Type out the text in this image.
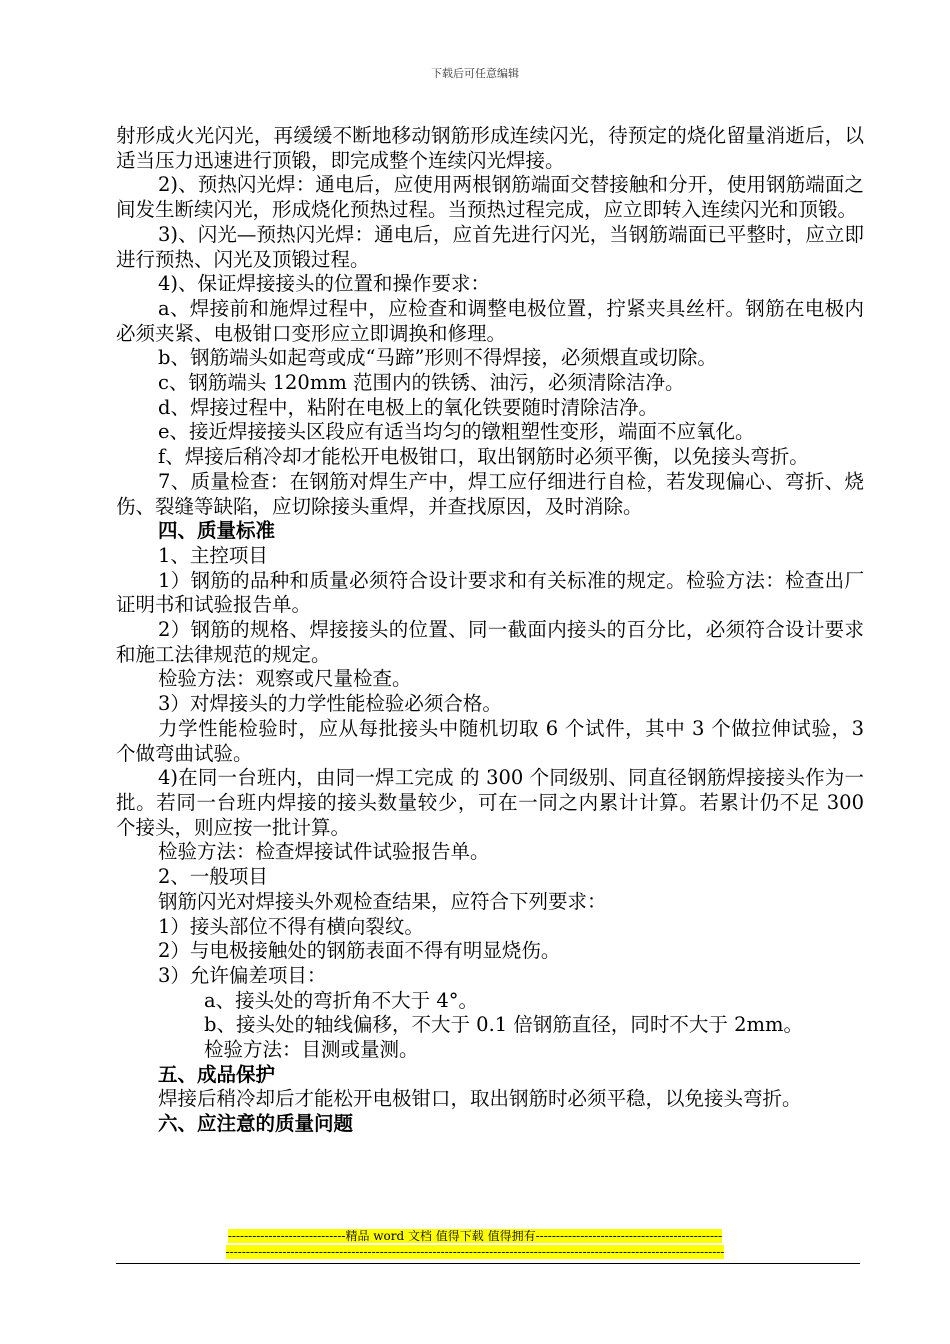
下载后可任意编辑

射形成火光闪光，再缓缓不断地移动钢筋形成连续闪光，待预定的烧化留量消逝后，以适当压力迅速进行顶锻，即完成整个连续闪光焊接。

2)、预热闪光焊：通电后，应使用两根钢筋端面交替接触和分开，使用钢筋端面之间发生断续闪光，形成烧化预热过程。当预热过程完成，应立即转入连续闪光和顶锻。

3)、闪光—预热闪光焊：通电后，应首先进行闪光，当钢筋端面已平整时，应立即进行预热、闪光及顶锻过程。

4)、保证焊接接头的位置和操作要求：

a、焊接前和施焊过程中，应检查和调整电极位置，拧紧夹具丝杆。钢筋在电极内必须夹紧、电极钳口变形应立即调换和修理。

b、钢筋端头如起弯或成“马蹄”形则不得焊接，必须煨直或切除。

c、钢筋端头 120mm 范围内的铁锈、油污，必须清除洁净。

d、焊接过程中，粘附在电极上的氧化铁要随时清除洁净。

e、接近焊接接头区段应有适当均匀的镦粗塑性变形，端面不应氧化。

f、焊接后稍冷却才能松开电极钳口，取出钢筋时必须平衡，以免接头弯折。

7、质量检查：在钢筋对焊生产中，焊工应仔细进行自检，若发现偏心、弯折、烧伤、裂缝等缺陷，应切除接头重焊，并查找原因，及时消除。

四、质量标准

1、主控项目

1）钢筋的品种和质量必须符合设计要求和有关标准的规定。检验方法：检查出厂证明书和试验报告单。

2）钢筋的规格、焊接接头的位置、同一截面内接头的百分比，必须符合设计要求和施工法律规范的规定。

检验方法：观察或尺量检查。

3）对焊接头的力学性能检验必须合格。

力学性能检验时，应从每批接头中随机切取 6 个试件，其中 3 个做拉伸试验，3 个做弯曲试验。

4)在同一台班内，由同一焊工完成 的 300 个同级别、同直径钢筋焊接接头作为一批。若同一台班内焊接的接头数量较少，可在一同之内累计计算。若累计仍不足 300 个接头，则应按一批计算。

检验方法：检查焊接试件试验报告单。

2、一般项目

钢筋闪光对焊接头外观检查结果，应符合下列要求：

1）接头部位不得有横向裂纹。

2）与电极接触处的钢筋表面不得有明显烧伤。

3）允许偏差项目：

a、接头处的弯折角不大于 4°。

b、接头处的轴线偏移，不大于 0.1 倍钢筋直径，同时不大于 2mm。

检验方法：目测或量测。

五、成品保护

焊接后稍冷却后才能松开电极钳口，取出钢筋时必须平稳，以免接头弯折。

六、应注意的质量问题

-----------------------------精品 word 文档 值得下载 值得拥有----------------------------------------------
---------------------------------------------------------------------------------------------------------------------------
